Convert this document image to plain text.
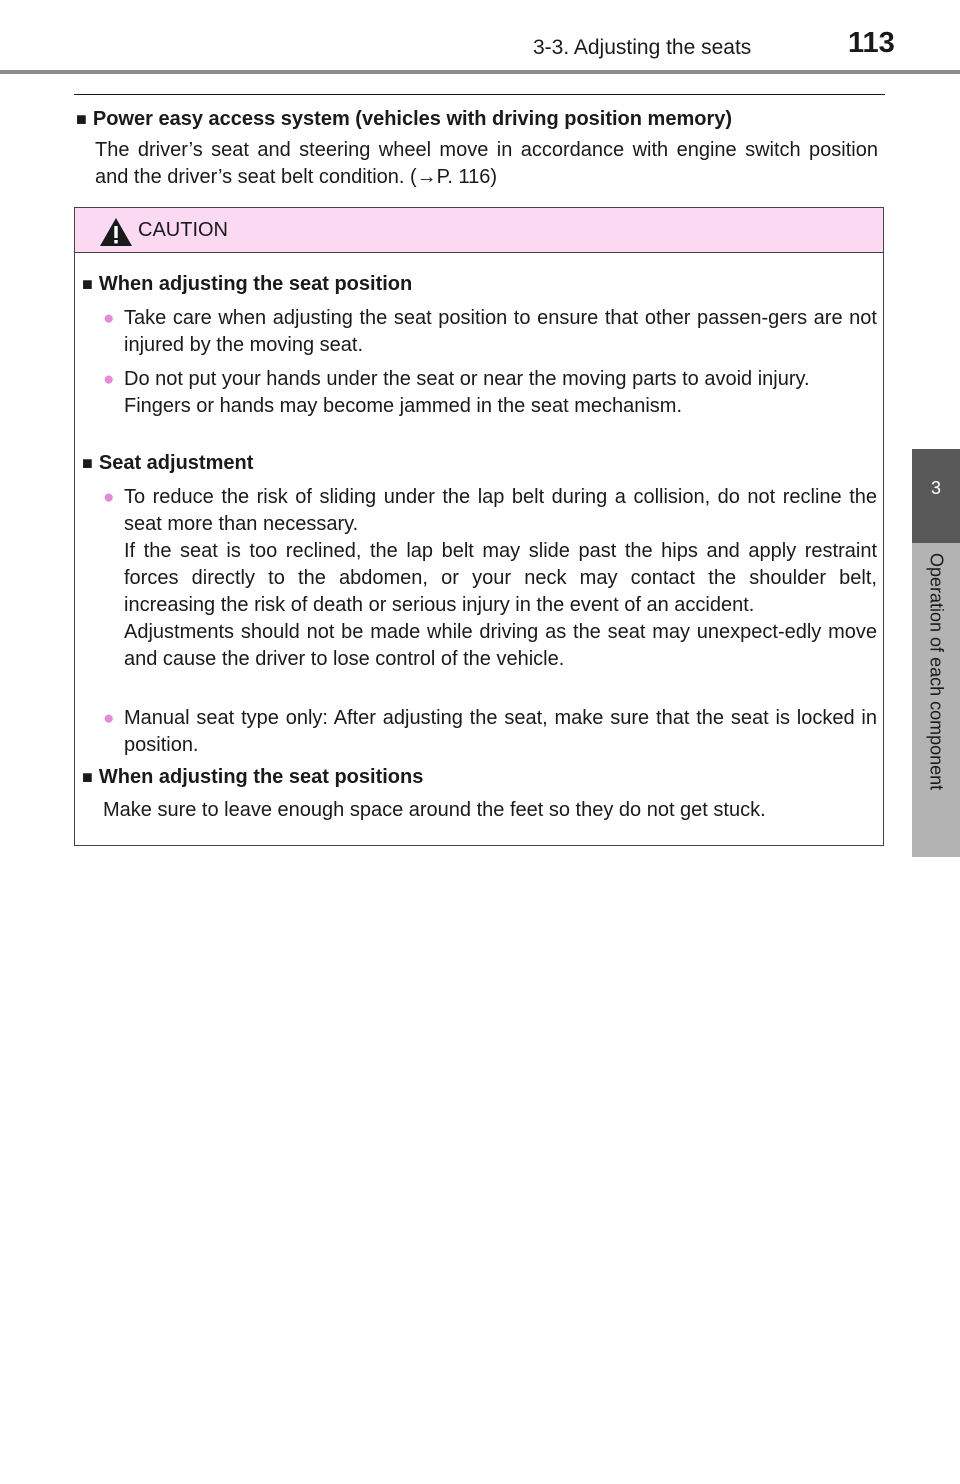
3-3. Adjusting the seats	113
3
Operation of each component
■ Power easy access system (vehicles with driving position memory)
The driver’s seat and steering wheel move in accordance with engine switch position and the driver’s seat belt condition. (→P. 116)
CAUTION
■ When adjusting the seat position
● Take care when adjusting the seat position to ensure that other passen-gers are not injured by the moving seat.
● Do not put your hands under the seat or near the moving parts to avoid injury.
Fingers or hands may become jammed in the seat mechanism.
■ Seat adjustment
● To reduce the risk of sliding under the lap belt during a collision, do not recline the seat more than necessary.
If the seat is too reclined, the lap belt may slide past the hips and apply restraint forces directly to the abdomen, or your neck may contact the shoulder belt, increasing the risk of death or serious injury in the event of an accident.
Adjustments should not be made while driving as the seat may unexpect-edly move and cause the driver to lose control of the vehicle.
● Manual seat type only: After adjusting the seat, make sure that the seat is locked in position.
■ When adjusting the seat positions
Make sure to leave enough space around the feet so they do not get stuck.
